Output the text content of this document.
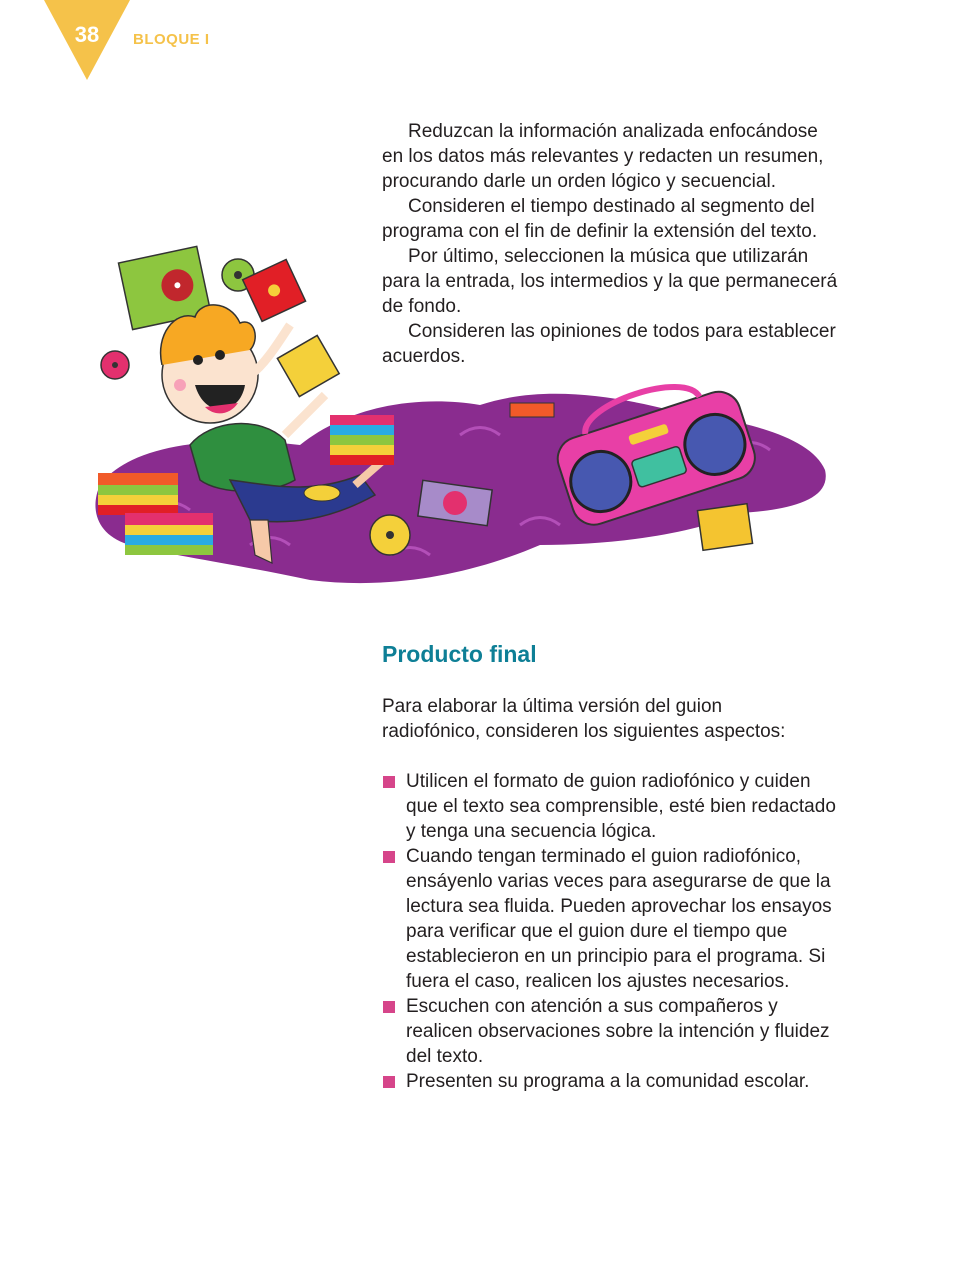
38	BLOQUE I

Reduzcan la información analizada enfocándose en los datos más relevantes y redacten un resumen, procurando darle un orden lógico y secuencial.

Consideren el tiempo destinado al segmento del programa con el fin de definir la extensión del texto.

Por último, seleccionen la música que utilizarán para la entrada, los intermedios y la que permanecerá de fondo.

Consideren las opiniones de todos para establecer acuerdos.

Producto final

Para elaborar la última versión del guion radiofónico, consideren los siguientes aspectos:

Utilicen el formato de guion radiofónico y cuiden que el texto sea comprensible, esté bien redactado y tenga una secuencia lógica.
Cuando tengan terminado el guion radiofónico, ensáyenlo varias veces para asegurarse de que la lectura sea fluida. Pueden aprovechar los ensayos para verificar que el guion dure el tiempo que establecieron en un principio para el programa. Si fuera el caso, realicen los ajustes necesarios.
Escuchen con atención a sus compañeros y realicen observaciones sobre la intención y fluidez del texto.
Presenten su programa a la comunidad escolar.
